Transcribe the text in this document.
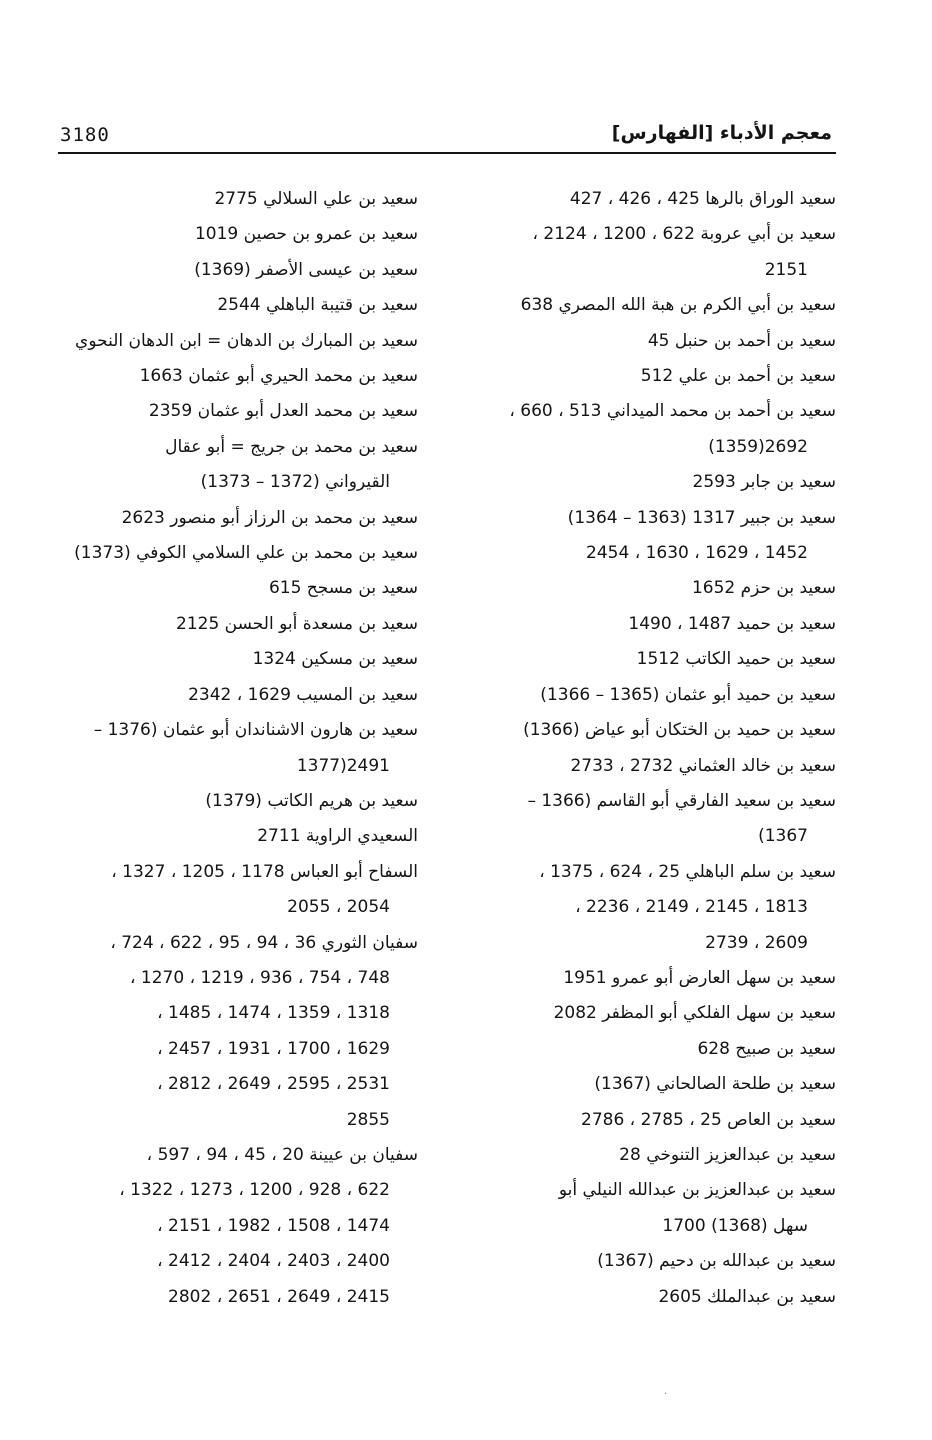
3180	معجم الأدباء [الفهارس]
سعيد الوراق بالرها 425 ، 426 ، 427
سعيد بن أبي عروبة 622 ، 1200 ، 2124 ،
2151
سعيد بن أبي الكرم بن هبة الله المصري 638
سعيد بن أحمد بن حنبل 45
سعيد بن أحمد بن علي 512
سعيد بن أحمد بن محمد الميداني 513 ، 660 ،
2692(1359)
سعيد بن جابر 2593
سعيد بن جبير 1317 (1363 – 1364)
1452 ، 1629 ، 1630 ، 2454
سعيد بن حزم 1652
سعيد بن حميد 1487 ، 1490
سعيد بن حميد الكاتب 1512
سعيد بن حميد أبو عثمان (1365 – 1366)
سعيد بن حميد بن الختكان أبو عياض (1366)
سعيد بن خالد العثماني 2732 ، 2733
سعيد بن سعيد الفارقي أبو القاسم (1366 –
1367)
سعيد بن سلم الباهلي 25 ، 624 ، 1375 ،
1813 ، 2145 ، 2149 ، 2236 ،
2609 ، 2739
سعيد بن سهل العارض أبو عمرو 1951
سعيد بن سهل الفلكي أبو المظفر 2082
سعيد بن صبيح 628
سعيد بن طلحة الصالحاني (1367)
سعيد بن العاص 25 ، 2785 ، 2786
سعيد بن عبدالعزيز التنوخي 28
سعيد بن عبدالعزيز بن عبدالله النيلي أبو
سهل (1368) 1700
سعيد بن عبدالله بن دحيم (1367)
سعيد بن عبدالملك 2605
سعيد بن علي السلالي 2775
سعيد بن عمرو بن حصين 1019
سعيد بن عيسى الأصفر (1369)
سعيد بن قتيبة الباهلي 2544
سعيد بن المبارك بن الدهان = ابن الدهان النحوي
سعيد بن محمد الحيري أبو عثمان 1663
سعيد بن محمد العدل أبو عثمان 2359
سعيد بن محمد بن جريج = أبو عقال
القيرواني (1372 – 1373)
سعيد بن محمد بن الرزاز أبو منصور 2623
سعيد بن محمد بن علي السلامي الكوفي (1373)
سعيد بن مسجح 615
سعيد بن مسعدة أبو الحسن 2125
سعيد بن مسكين 1324
سعيد بن المسيب 1629 ، 2342
سعيد بن هارون الاشناندان أبو عثمان (1376 –
2491(1377
سعيد بن هريم الكاتب (1379)
السعيدي الراوية 2711
السفاح أبو العباس 1178 ، 1205 ، 1327 ،
2054 ، 2055
سفيان الثوري 36 ، 94 ، 95 ، 622 ، 724 ،
748 ، 754 ، 936 ، 1219 ، 1270 ،
1318 ، 1359 ، 1474 ، 1485 ،
1629 ، 1700 ، 1931 ، 2457 ،
2531 ، 2595 ، 2649 ، 2812 ،
2855
سفيان بن عيينة 20 ، 45 ، 94 ، 597 ،
622 ، 928 ، 1200 ، 1273 ، 1322 ،
1474 ، 1508 ، 1982 ، 2151 ،
2400 ، 2403 ، 2404 ، 2412 ،
2415 ، 2649 ، 2651 ، 2802
.
